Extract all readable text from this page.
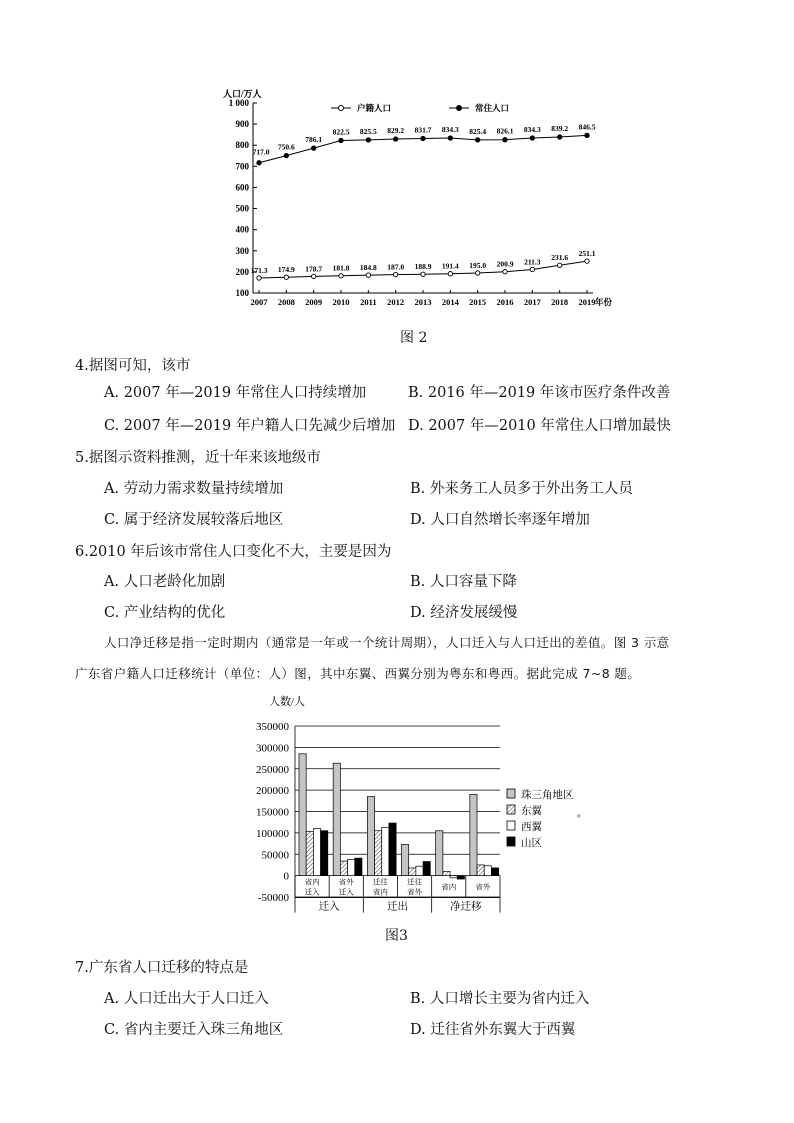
人口/万人
1 000
900
800
700
600
500
400
300
200
100
2007 2008 2009 2010 2011 2012 2013 2014 2015 2016 2017 2018 2019 年份
户籍人口	常住人口
171.3 174.9 178.7 181.8 184.8 187.0 188.9 191.4 195.0 200.9 211.3 231.6 251.1
717.0
750.6
786.1
822.5 825.5 829.2 831.7 834.3 825.4 826.1 834.3 839.2 846.5
图 2
4.据图可知，该市
A. 2007 年—2019 年常住人口持续增加	B. 2016 年—2019 年该市医疗条件改善
C. 2007 年—2019 年户籍人口先减少后增加 D. 2007 年—2010 年常住人口增加最快
5.据图示资料推测，近十年来该地级市
A. 劳动力需求数量持续增加	B. 外来务工人员多于外出务工人员
C. 属于经济发展较落后地区	D. 人口自然增长率逐年增加
6.2010 年后该市常住人口变化不大，主要是因为
A. 人口老龄化加剧	B. 人口容量下降
C. 产业结构的优化	D. 经济发展缓慢
人口净迁移是指一定时期内（通常是一年或一个统计周期），人口迁入与人口迁出的差值。图 3 示意
广东省户籍人口迁移统计（单位：人）图，其中东翼、西翼分别为粤东和粤西。据此完成 7~8 题。
人数/人
350000
300000
250000
200000
150000
100000
50000
0
-50000
省内
迁入
省外
迁入
迁往
省内
迁往
省外
省内	省外
迁入	迁出	净迁移
珠三角地区
东翼
西翼
山区
°
图3
7.广东省人口迁移的特点是
A. 人口迁出大于人口迁入	B. 人口增长主要为省内迁入
C. 省内主要迁入珠三角地区	D. 迁往省外东翼大于西翼
